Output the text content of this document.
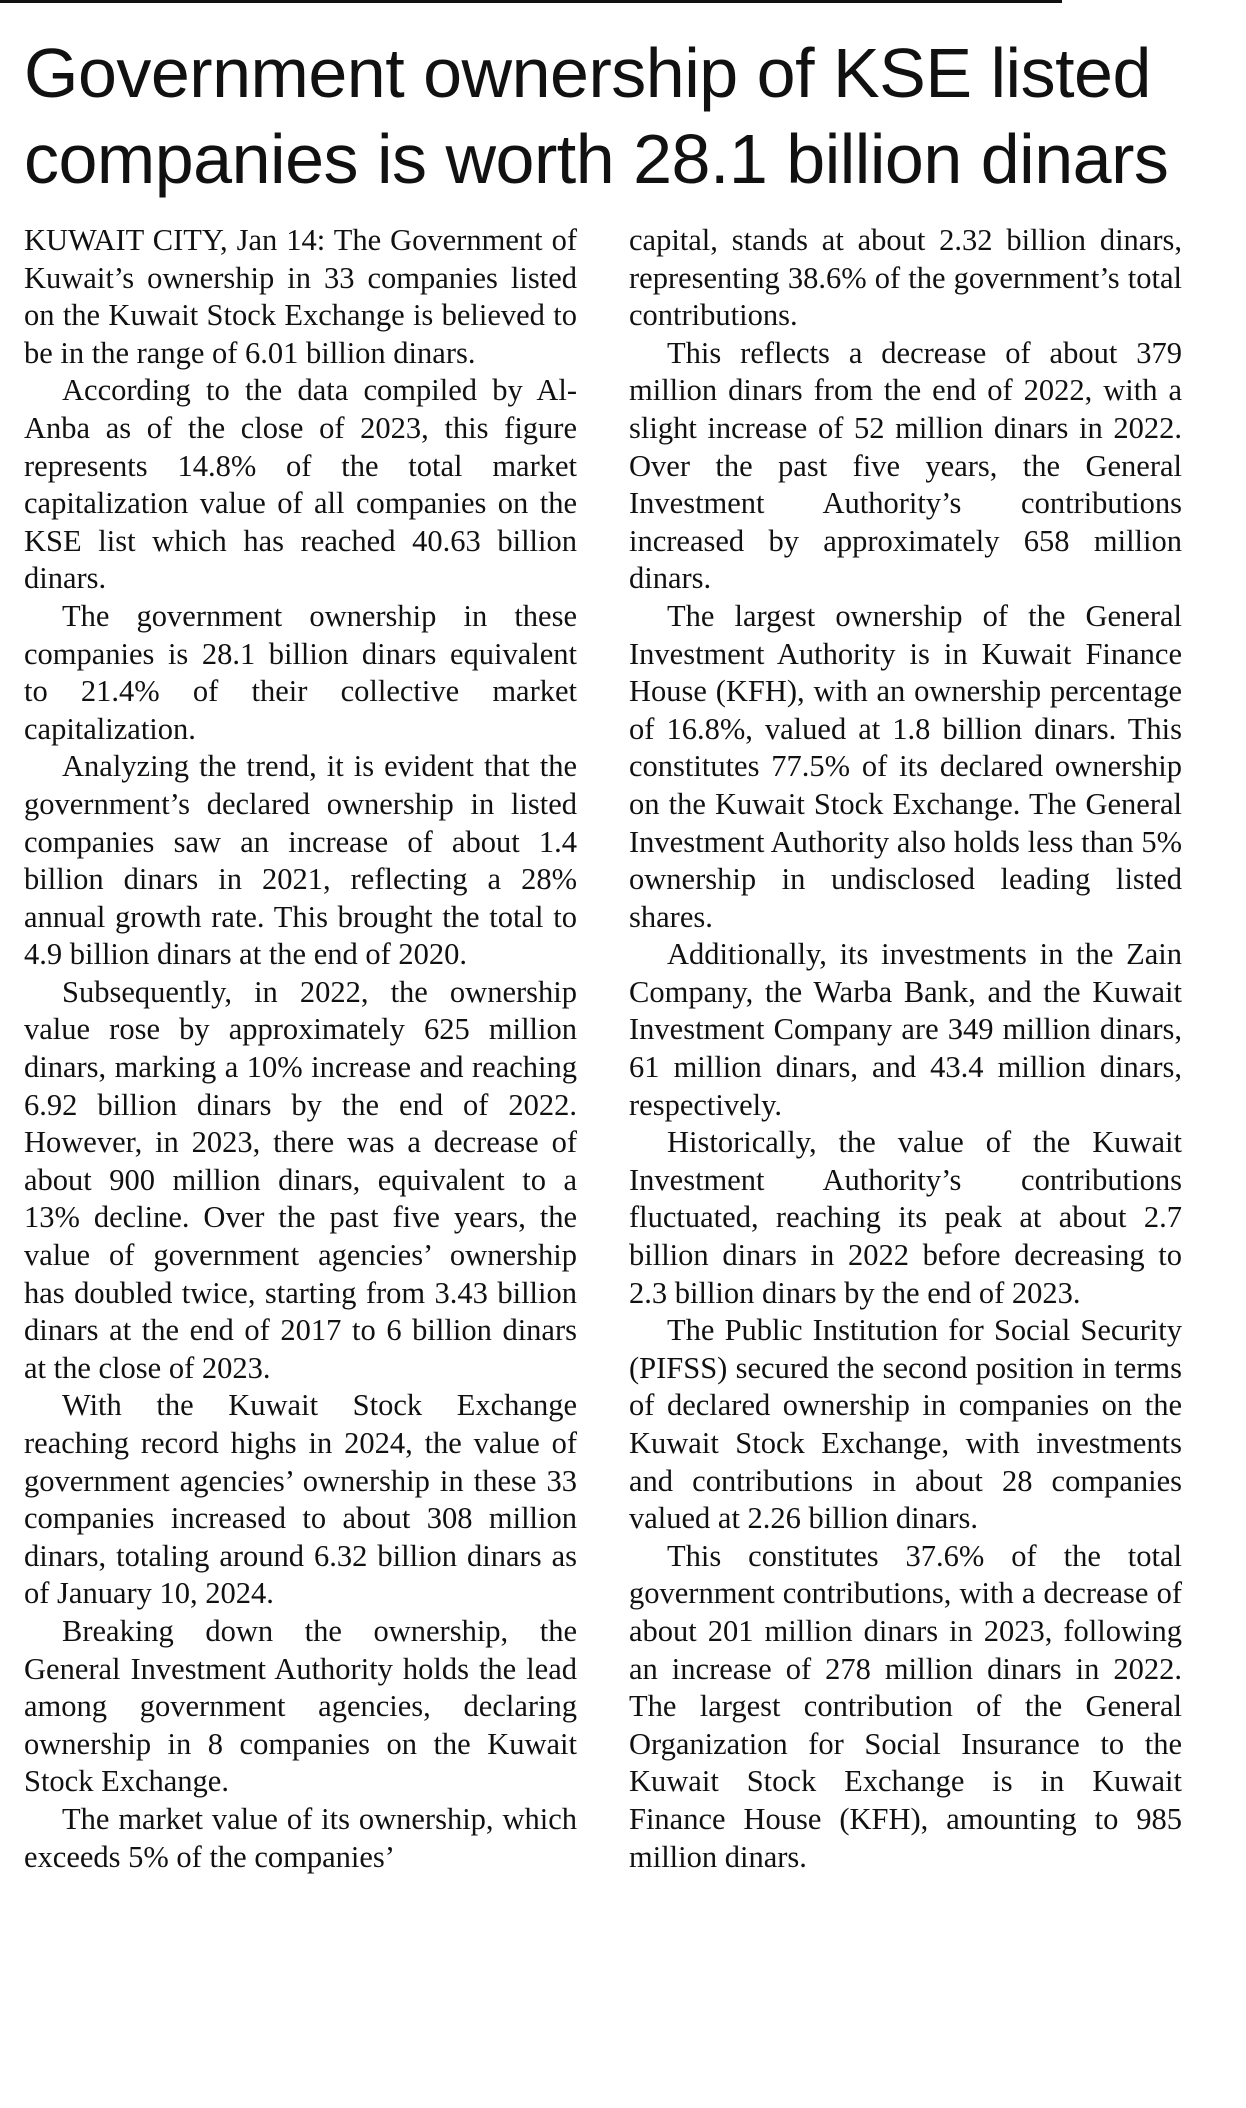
Government ownership of KSE listed companies is worth 28.1 billion dinars

KUWAIT CITY, Jan 14: The Government of Kuwait’s ownership in 33 companies listed on the Kuwait Stock Exchange is believed to be in the range of 6.01 billion dinars.

According to the data compiled by Al-Anba as of the close of 2023, this figure represents 14.8% of the total market capitalization value of all companies on the KSE list which has reached 40.63 billion dinars.

The government ownership in these companies is 28.1 billion dinars equivalent to 21.4% of their collective market capitalization.

Analyzing the trend, it is evident that the government’s declared ownership in listed companies saw an increase of about 1.4 billion dinars in 2021, reflecting a 28% annual growth rate. This brought the total to 4.9 billion dinars at the end of 2020.

Subsequently, in 2022, the ownership value rose by approximately 625 million dinars, marking a 10% increase and reaching 6.92 billion dinars by the end of 2022. However, in 2023, there was a decrease of about 900 million dinars, equivalent to a 13% decline. Over the past five years, the value of government agencies’ ownership has doubled twice, starting from 3.43 billion dinars at the end of 2017 to 6 billion dinars at the close of 2023.

With the Kuwait Stock Exchange reaching record highs in 2024, the value of government agencies’ ownership in these 33 companies increased to about 308 million dinars, totaling around 6.32 billion dinars as of January 10, 2024.

Breaking down the ownership, the General Investment Authority holds the lead among government agencies, declaring ownership in 8 companies on the Kuwait Stock Exchange.

The market value of its ownership, which exceeds 5% of the companies’

capital, stands at about 2.32 billion dinars, representing 38.6% of the government’s total contributions.

This reflects a decrease of about 379 million dinars from the end of 2022, with a slight increase of 52 million dinars in 2022. Over the past five years, the General Investment Authority’s contributions increased by approximately 658 million dinars.

The largest ownership of the General Investment Authority is in Kuwait Finance House (KFH), with an ownership percentage of 16.8%, valued at 1.8 billion dinars. This constitutes 77.5% of its declared ownership on the Kuwait Stock Exchange. The General Investment Authority also holds less than 5% ownership in undisclosed leading listed shares.

Additionally, its investments in the Zain Company, the Warba Bank, and the Kuwait Investment Company are 349 million dinars, 61 million dinars, and 43.4 million dinars, respectively.

Historically, the value of the Kuwait Investment Authority’s contributions fluctuated, reaching its peak at about 2.7 billion dinars in 2022 before decreasing to 2.3 billion dinars by the end of 2023.

The Public Institution for Social Security (PIFSS) secured the second position in terms of declared ownership in companies on the Kuwait Stock Exchange, with investments and contributions in about 28 companies valued at 2.26 billion dinars.

This constitutes 37.6% of the total government contributions, with a decrease of about 201 million dinars in 2023, following an increase of 278 million dinars in 2022. The largest contribution of the General Organization for Social Insurance to the Kuwait Stock Exchange is in Kuwait Finance House (KFH), amounting to 985 million dinars.
